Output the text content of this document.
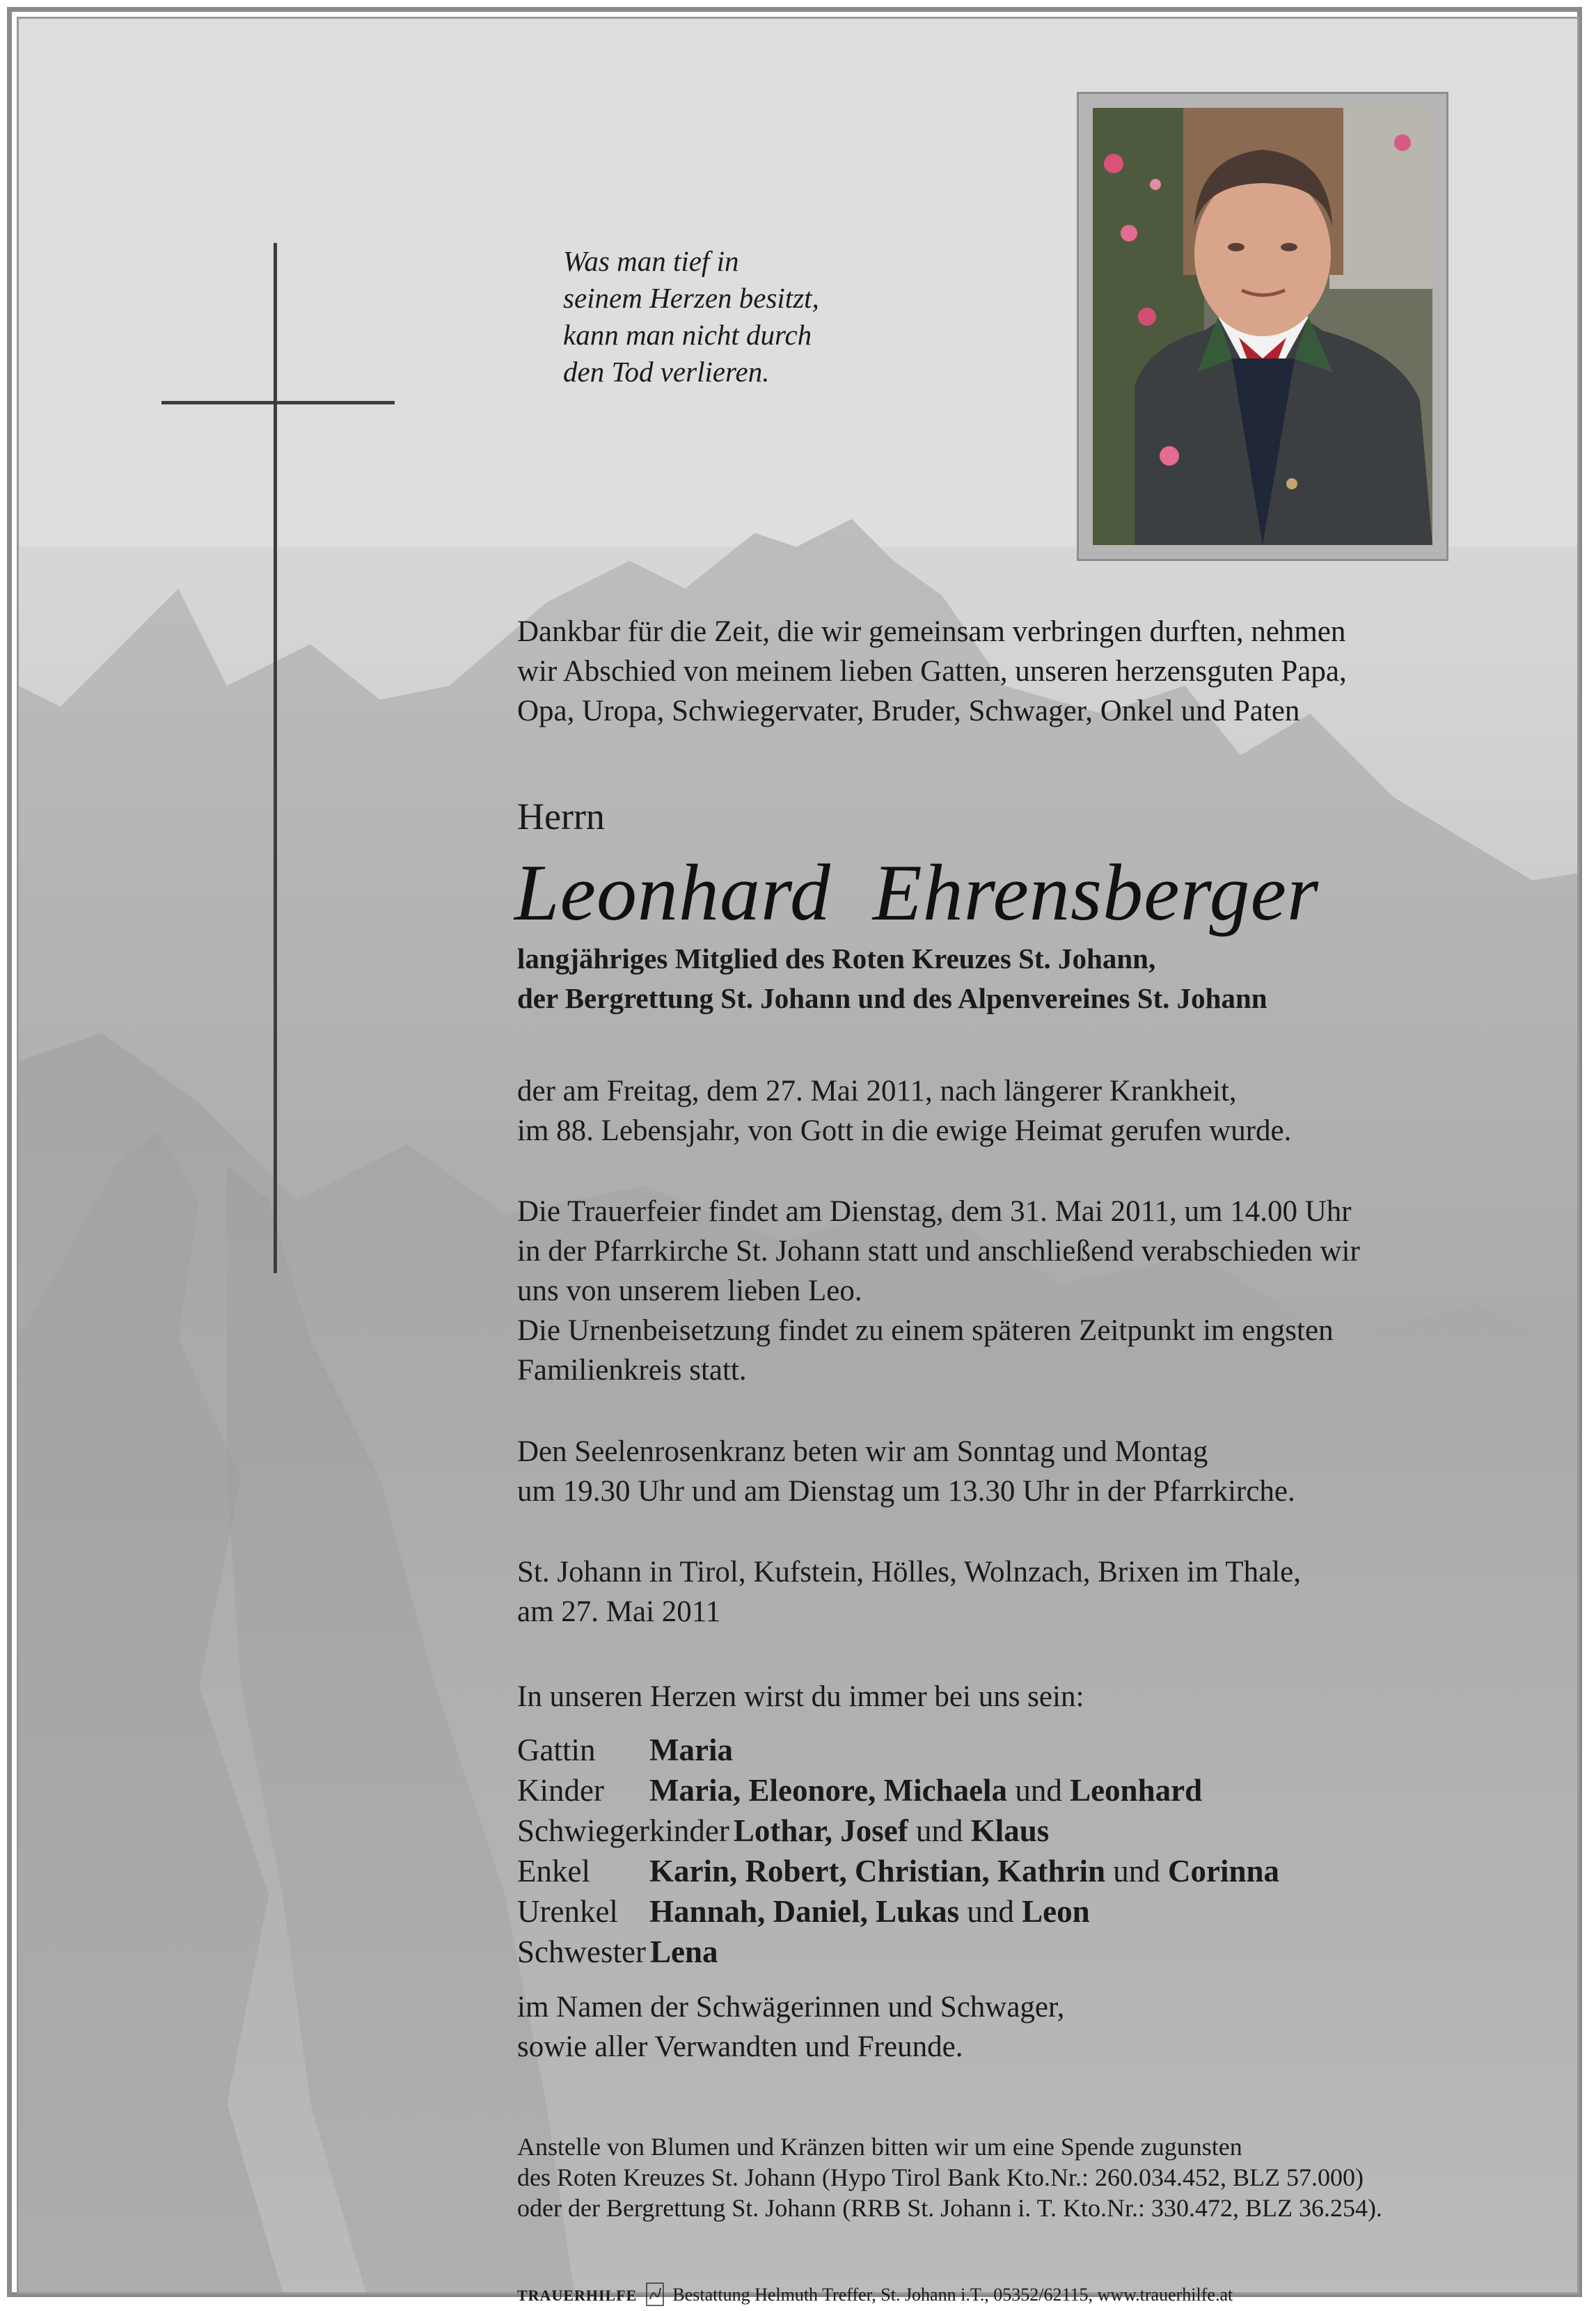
Was man tief in
seinem Herzen besitzt,
kann man nicht durch
den Tod verlieren.
Dankbar für die Zeit, die wir gemeinsam verbringen durften, nehmen
wir Abschied von meinem lieben Gatten, unseren herzensguten Papa,
Opa, Uropa, Schwiegervater, Bruder, Schwager, Onkel und Paten
Herrn
Leonhard  Ehrensberger
langjähriges Mitglied des Roten Kreuzes St. Johann,
der Bergrettung St. Johann und des Alpenvereines St. Johann
der am Freitag, dem 27. Mai 2011, nach längerer Krankheit,
im 88. Lebensjahr, von Gott in die ewige Heimat gerufen wurde.
Die Trauerfeier findet am Dienstag, dem 31. Mai 2011, um 14.00 Uhr
in der Pfarrkirche St. Johann statt und anschließend verabschieden wir
uns von unserem lieben Leo.
Die Urnenbeisetzung findet zu einem späteren Zeitpunkt im engsten
Familienkreis statt.
Den Seelenrosenkranz beten wir am Sonntag und Montag
um 19.30 Uhr und am Dienstag um 13.30 Uhr in der Pfarrkirche.
St. Johann in Tirol, Kufstein, Hölles, Wolnzach, Brixen im Thale,
am 27. Mai 2011
In unseren Herzen wirst du immer bei uns sein:
Gattin Maria
Kinder Maria, Eleonore, Michaela und Leonhard
Schwiegerkinder Lothar, Josef und Klaus
Enkel Karin, Robert, Christian, Kathrin und Corinna
Urenkel Hannah, Daniel, Lukas und Leon
Schwester Lena
im Namen der Schwägerinnen und Schwager,
sowie aller Verwandten und Freunde.
Anstelle von Blumen und Kränzen bitten wir um eine Spende zugunsten
des Roten Kreuzes St. Johann (Hypo Tirol Bank Kto.Nr.: 260.034.452, BLZ 57.000)
oder der Bergrettung St. Johann (RRB St. Johann i. T. Kto.Nr.: 330.472, BLZ 36.254).
TRAUERHILFE Bestattung Helmuth Treffer, St. Johann i.T., 05352/62115, www.trauerhilfe.at
